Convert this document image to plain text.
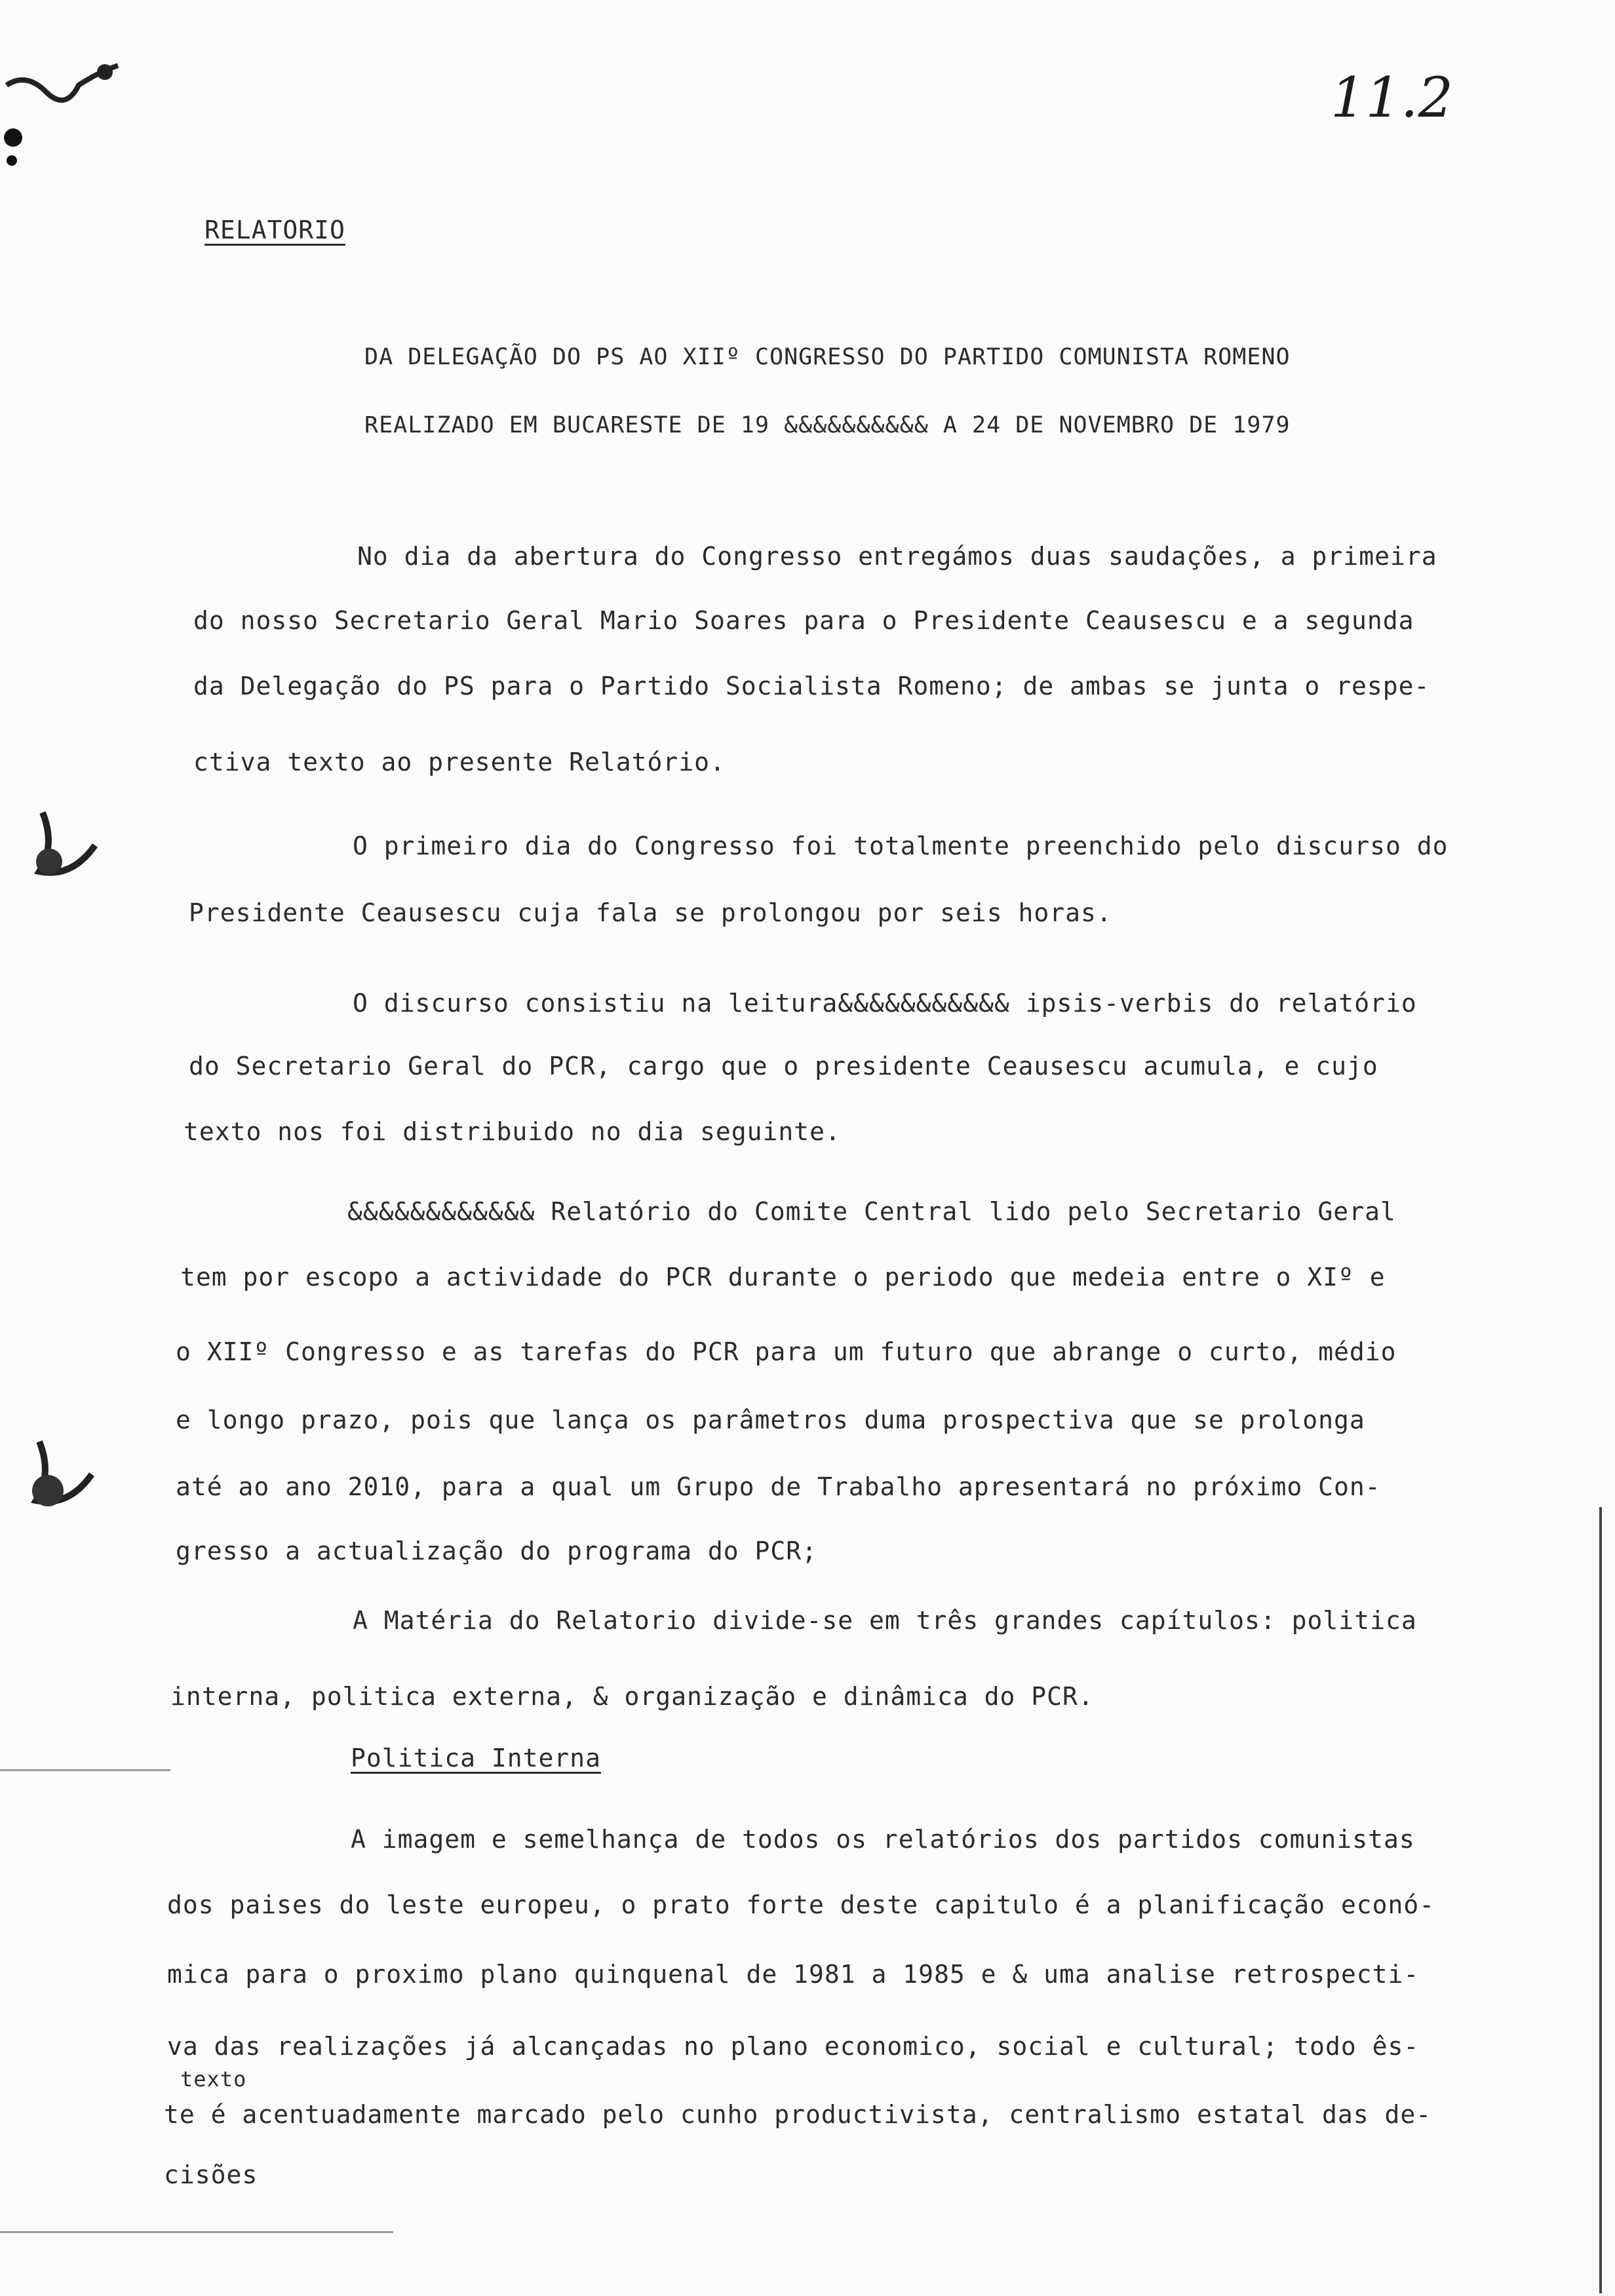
11.2
RELATORIO
DA DELEGAÇÃO DO PS AO XIIº CONGRESSO DO PARTIDO COMUNISTA ROMENO
REALIZADO EM BUCARESTE DE 19 &&&&&&&&&& A 24 DE NOVEMBRO DE 1979
No dia da abertura do Congresso entregámos duas saudações, a primeira
do nosso Secretario Geral Mario Soares para o Presidente Ceausescu e a segunda
da Delegação do PS para o Partido Socialista Romeno; de ambas se junta o respe-
ctiva texto ao presente Relatório.
O primeiro dia do Congresso foi totalmente preenchido pelo discurso do
Presidente Ceausescu cuja fala se prolongou por seis horas.
O discurso consistiu na leitura&&&&&&&&&&& ipsis-verbis do relatório
do Secretario Geral do PCR, cargo que o presidente Ceausescu acumula, e cujo
texto nos foi distribuido no dia seguinte.
&&&&&&&&&&&& Relatório do Comite Central lido pelo Secretario Geral
tem por escopo a actividade do PCR durante o periodo que medeia entre o XIº e
o XIIº Congresso e as tarefas do PCR para um futuro que abrange o curto, médio
e longo prazo, pois que lança os parâmetros duma prospectiva que se prolonga
até ao ano 2010, para a qual um Grupo de Trabalho apresentará no próximo Con-
gresso a actualização do programa do PCR;
A Matéria do Relatorio divide-se em três grandes capítulos: politica
interna, politica externa, & organização e dinâmica do PCR.
Politica Interna
A imagem e semelhança de todos os relatórios dos partidos comunistas
dos paises do leste europeu, o prato forte deste capitulo é a planificação econó-
mica para o proximo plano quinquenal de 1981 a 1985 e & uma analise retrospecti-
va das realizações já alcançadas no plano economico, social e cultural; todo ês-
texto
te é acentuadamente marcado pelo cunho productivista, centralismo estatal das de-
cisões
